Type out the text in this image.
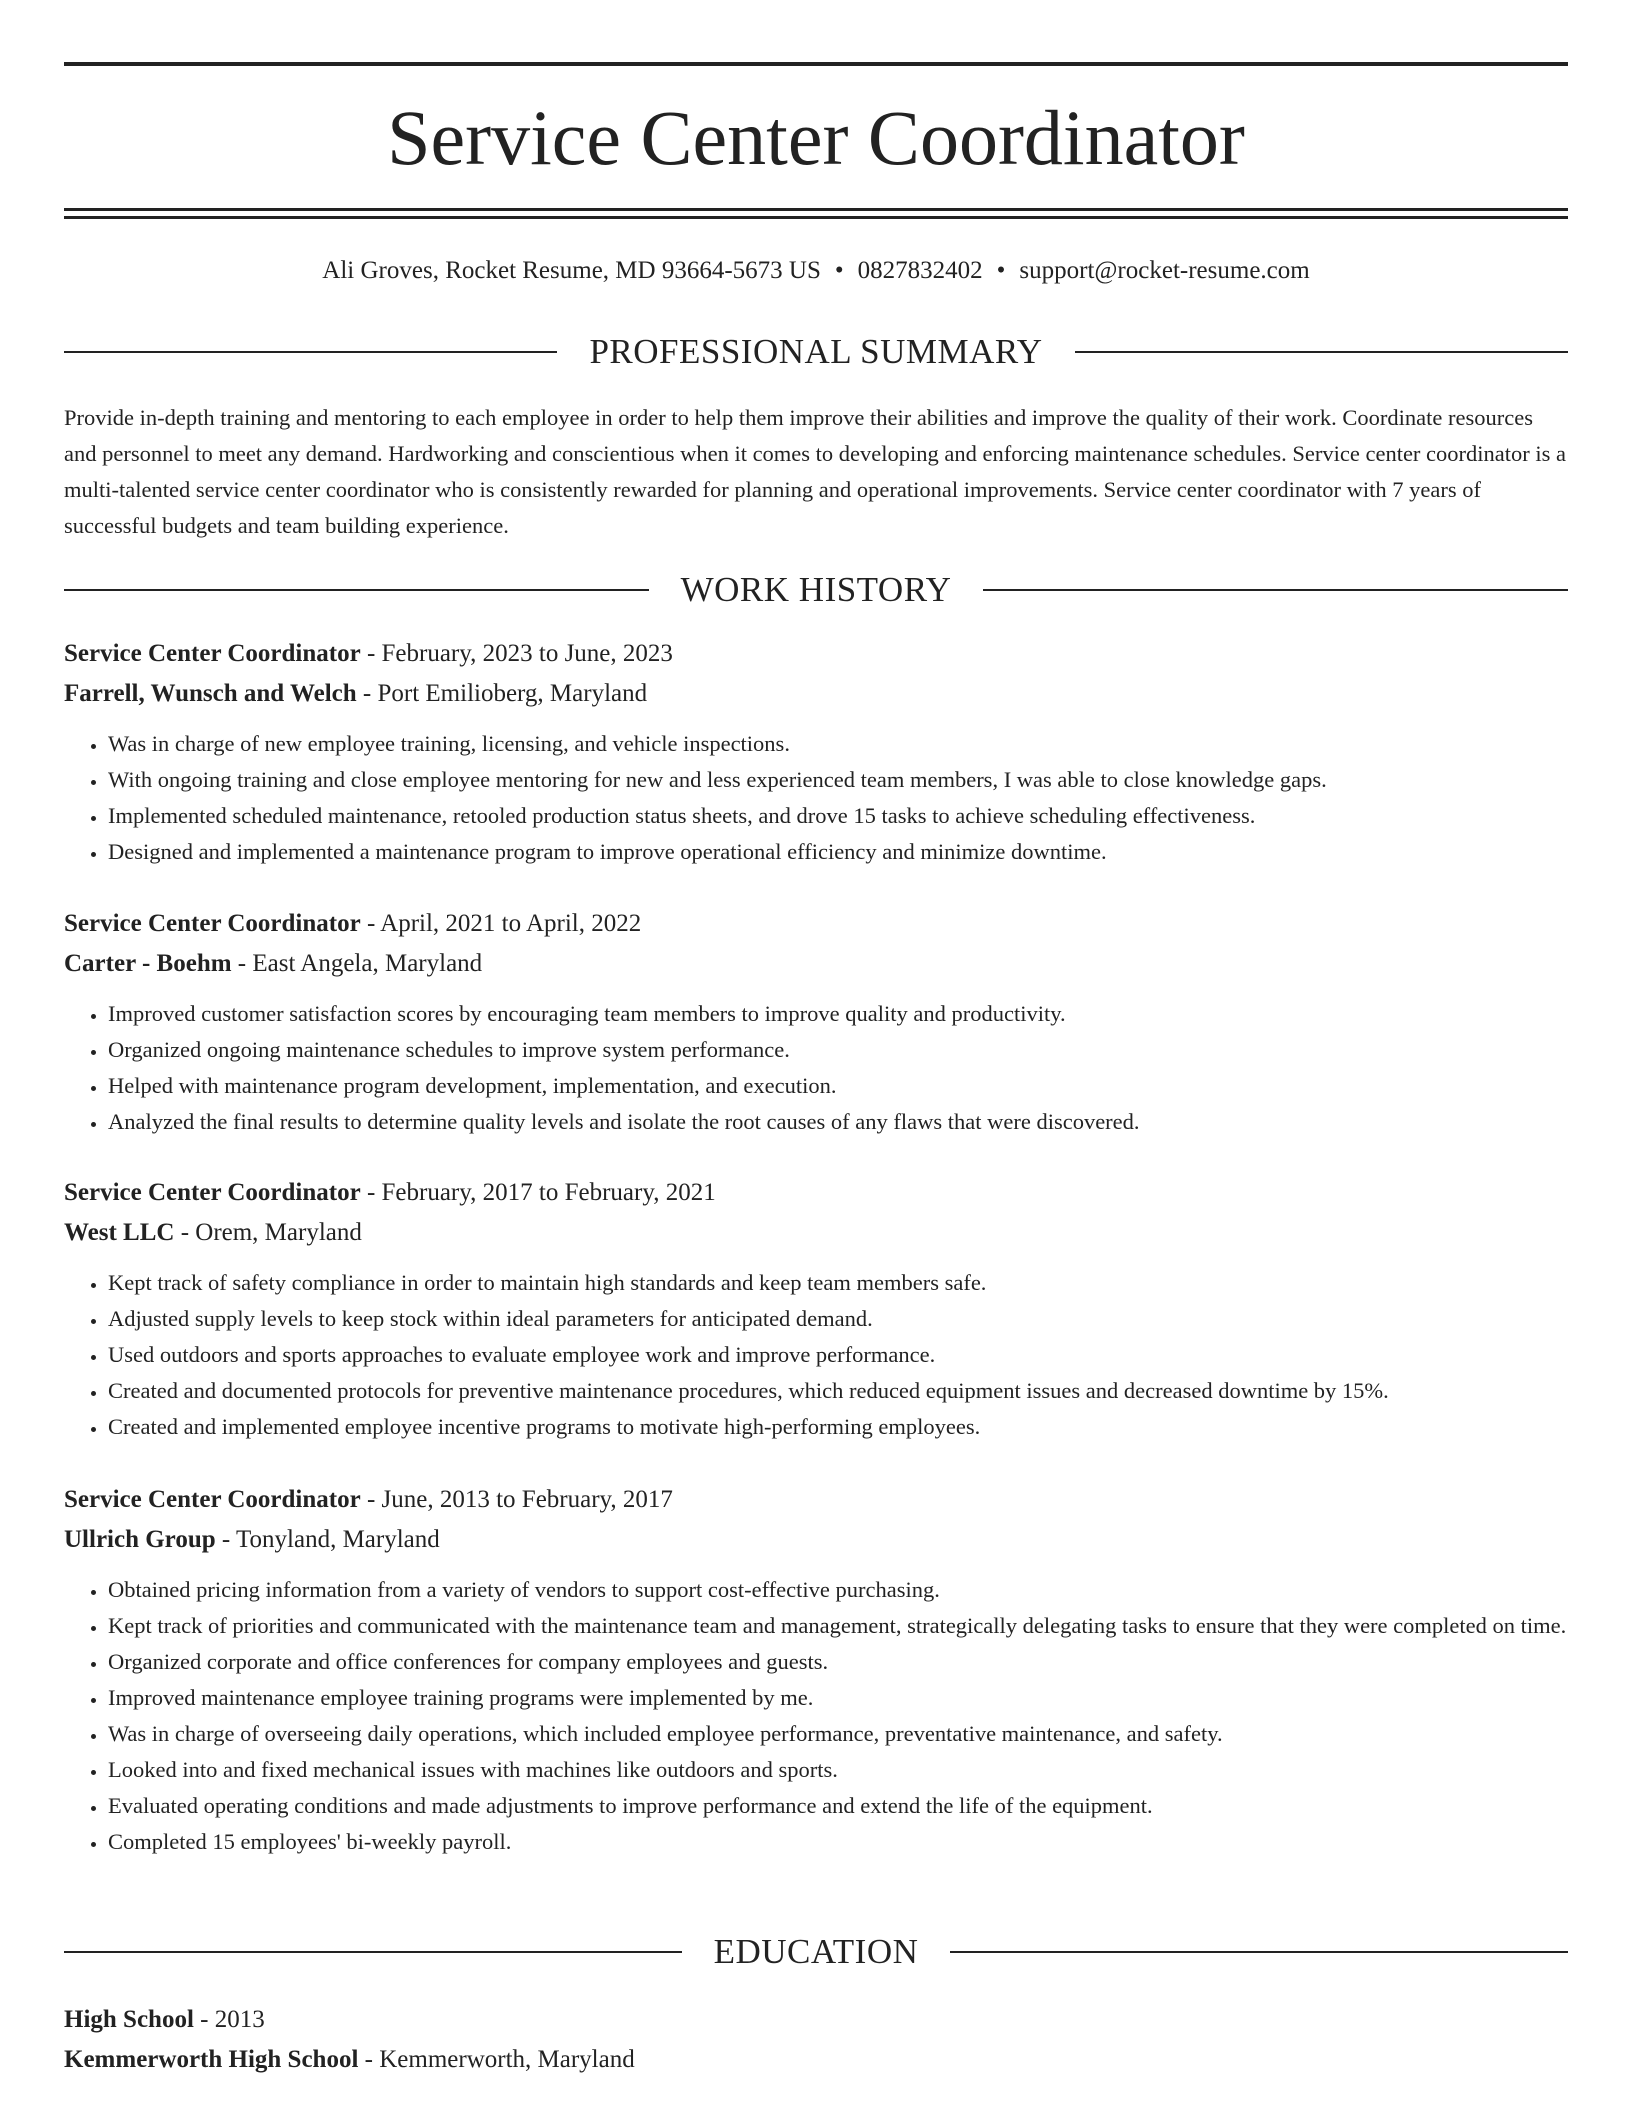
Service Center Coordinator
Ali Groves, Rocket Resume, MD 93664-5673 US • 0827832402 • support@rocket-resume.com
PROFESSIONAL SUMMARY

Provide in-depth training and mentoring to each employee in order to help them improve their abilities and improve the quality of their work. Coordinate resources and personnel to meet any demand. Hardworking and conscientious when it comes to developing and enforcing maintenance schedules. Service center coordinator is a multi-talented service center coordinator who is consistently rewarded for planning and operational improvements. Service center coordinator with 7 years of successful budgets and team building experience.

WORK HISTORY
Service Center Coordinator - February, 2023 to June, 2023
Farrell, Wunsch and Welch - Port Emilioberg, Maryland
• Was in charge of new employee training, licensing, and vehicle inspections.
• With ongoing training and close employee mentoring for new and less experienced team members, I was able to close knowledge gaps.
• Implemented scheduled maintenance, retooled production status sheets, and drove 15 tasks to achieve scheduling effectiveness.
• Designed and implemented a maintenance program to improve operational efficiency and minimize downtime.
Service Center Coordinator - April, 2021 to April, 2022
Carter - Boehm - East Angela, Maryland
• Improved customer satisfaction scores by encouraging team members to improve quality and productivity.
• Organized ongoing maintenance schedules to improve system performance.
• Helped with maintenance program development, implementation, and execution.
• Analyzed the final results to determine quality levels and isolate the root causes of any flaws that were discovered.
Service Center Coordinator - February, 2017 to February, 2021
West LLC - Orem, Maryland
• Kept track of safety compliance in order to maintain high standards and keep team members safe.
• Adjusted supply levels to keep stock within ideal parameters for anticipated demand.
• Used outdoors and sports approaches to evaluate employee work and improve performance.
• Created and documented protocols for preventive maintenance procedures, which reduced equipment issues and decreased downtime by 15%.
• Created and implemented employee incentive programs to motivate high-performing employees.
Service Center Coordinator - June, 2013 to February, 2017
Ullrich Group - Tonyland, Maryland
• Obtained pricing information from a variety of vendors to support cost-effective purchasing.
• Kept track of priorities and communicated with the maintenance team and management, strategically delegating tasks to ensure that they were completed on time.
• Organized corporate and office conferences for company employees and guests.
• Improved maintenance employee training programs were implemented by me.
• Was in charge of overseeing daily operations, which included employee performance, preventative maintenance, and safety.
• Looked into and fixed mechanical issues with machines like outdoors and sports.
• Evaluated operating conditions and made adjustments to improve performance and extend the life of the equipment.
• Completed 15 employees' bi-weekly payroll.
EDUCATION
High School - 2013
Kemmerworth High School - Kemmerworth, Maryland
